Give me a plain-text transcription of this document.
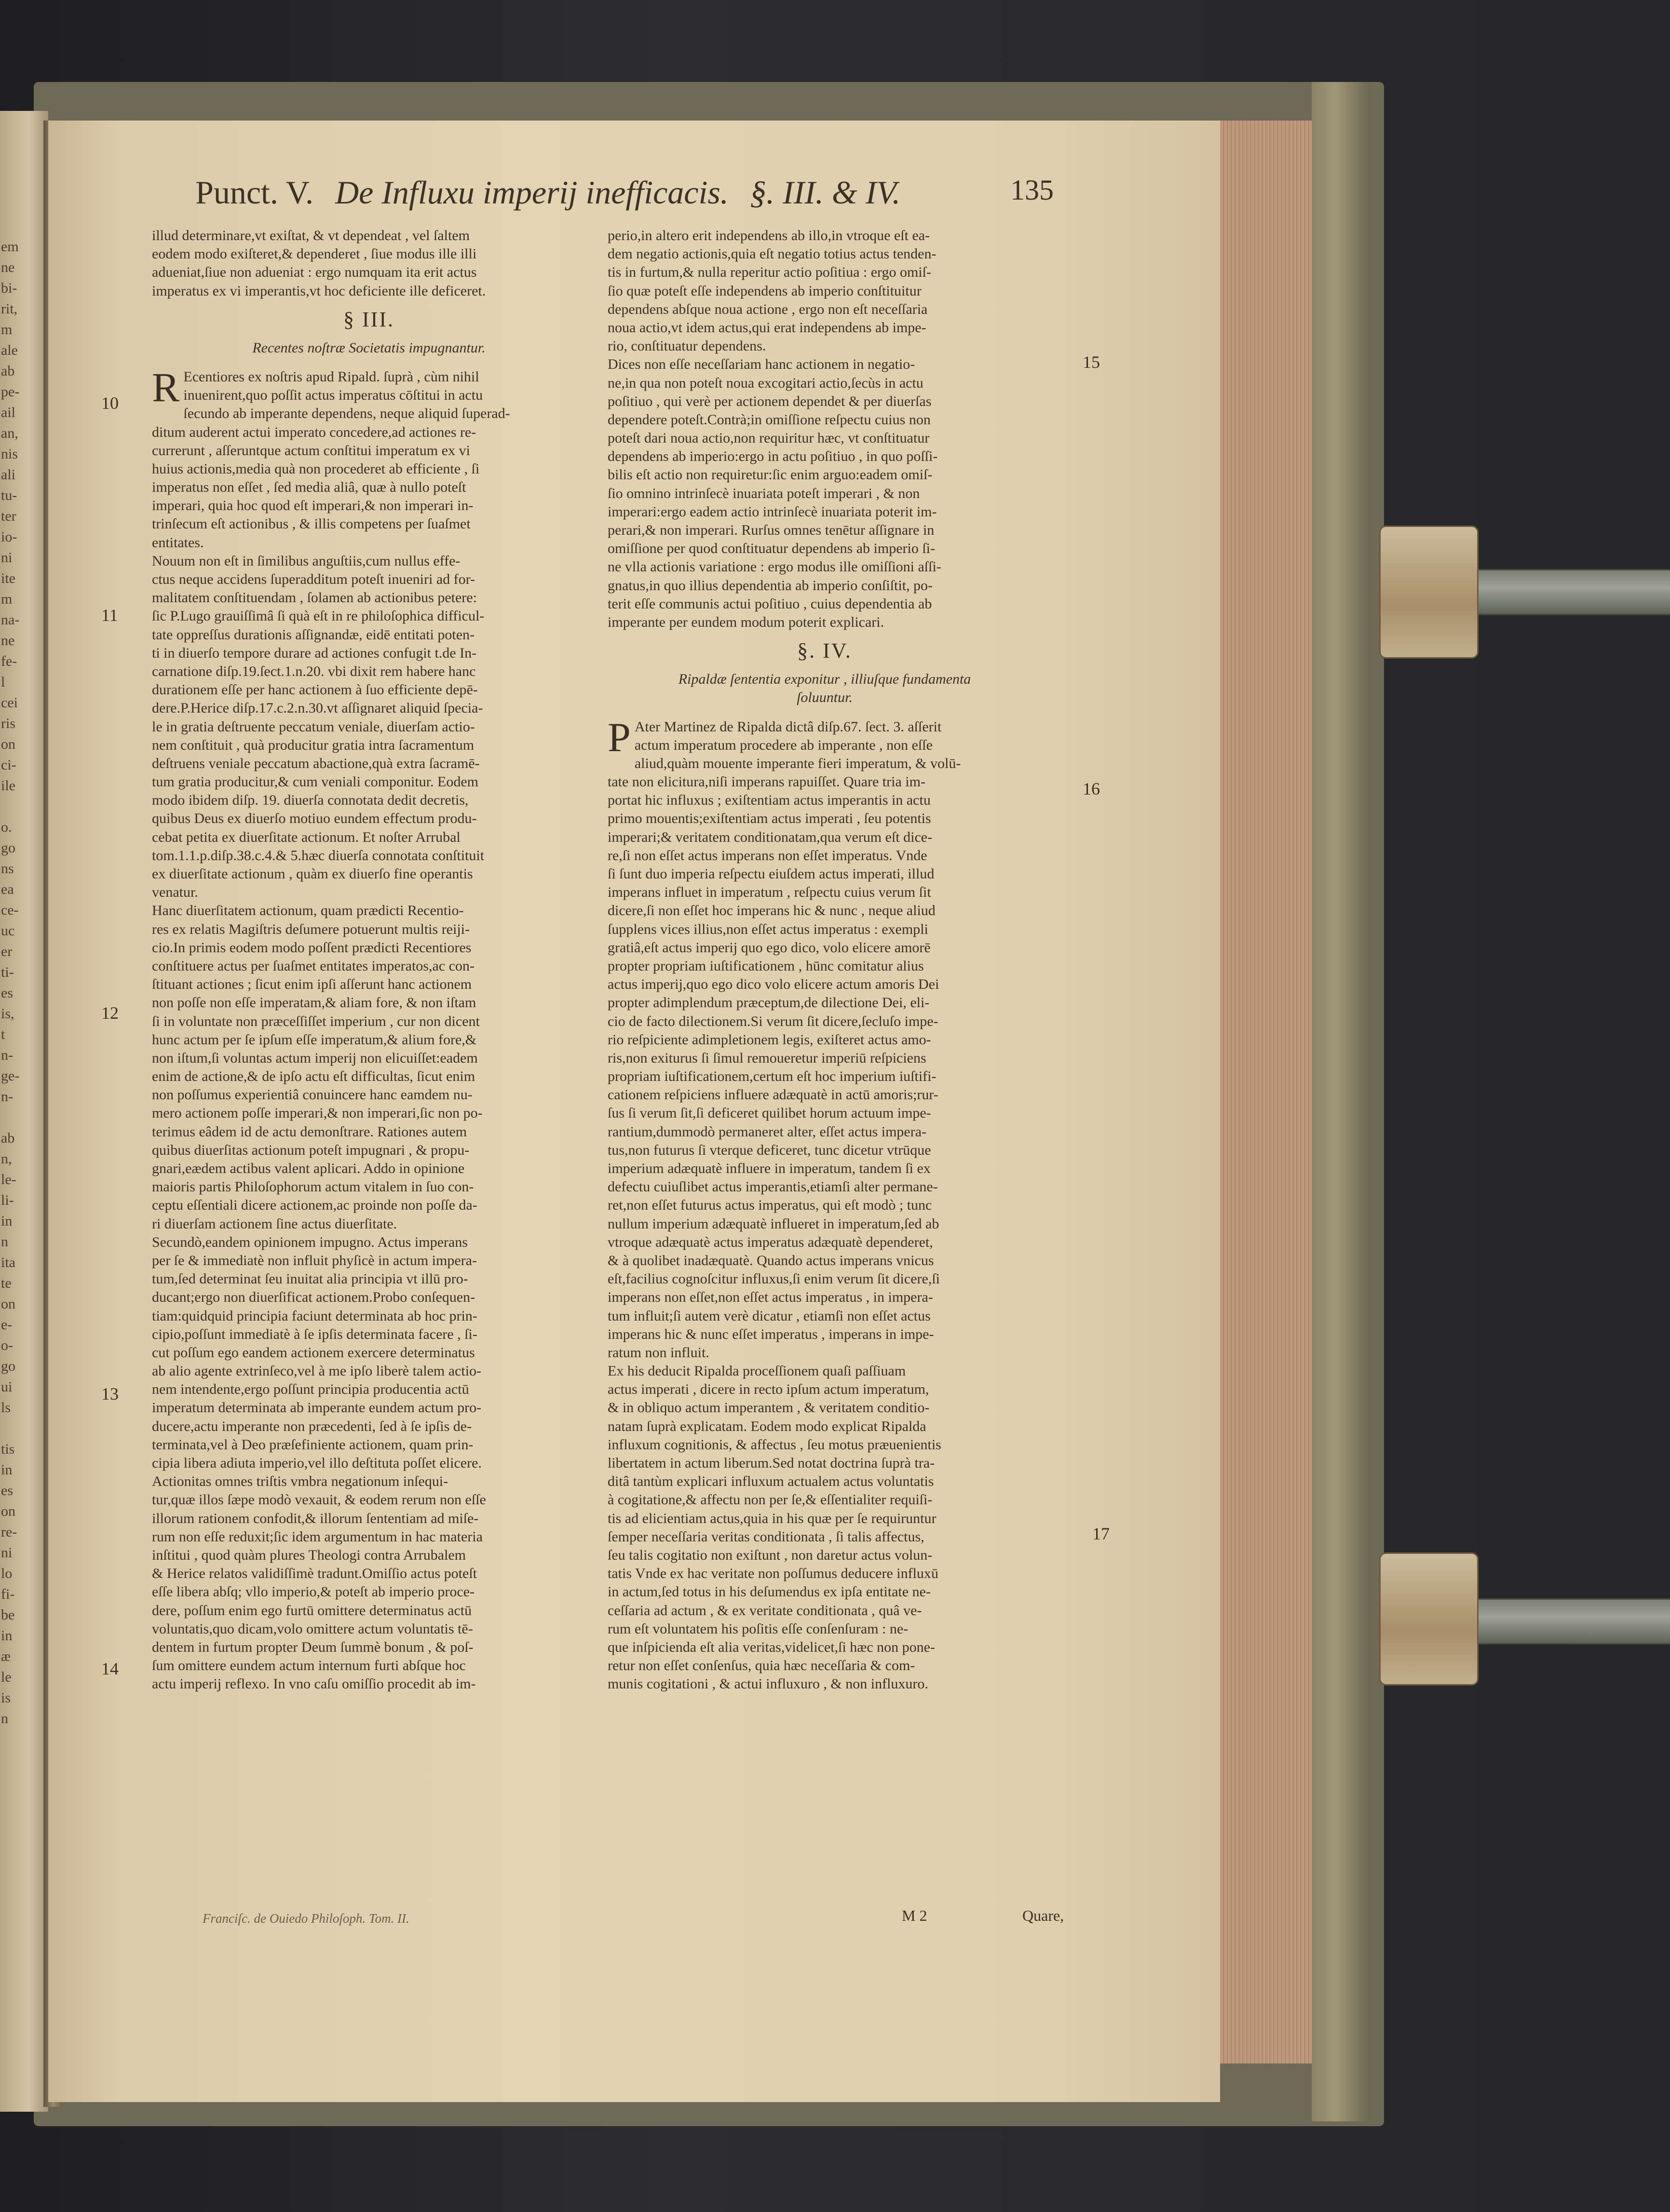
em
ne
bi-
rit,
m
ale
ab
pe-
ail
an,
nis
ali
tu-
ter
io-
ni
ite
m
na-
ne
fe-
l
cei
ris
on
ci-
ile
o.
go
ns
ea
ce-
uc
er
ti-
es
is,
t
n-
ge-
n-
ab
n,
le-
li-
in
n
ita
te
on
e-
o-
go
ui
ls
tis
in
es
on
re-
ni
lo
fi-
be
in
æ
le
is
n
Punct. V. De Influxu imperij inefficacis. §. III. & IV.	135
10
11
12
13
14
15
16
17
illud determinare,vt exiſtat, & vt dependeat , vel ſaltem
eodem modo exiſteret,& dependeret , ſiue modus ille illi
adueniat,ſiue non adueniat : ergo numquam ita erit actus
imperatus ex vi imperantis,vt hoc deficiente ille deficeret.
§ III.
Recentes noſtræ Societatis impugnantur.
R Ecentiores ex noſtris apud Ripald. ſuprà , cùm nihil
inuenirent,quo poſſit actus imperatus cōſtitui in actu
ſecundo ab imperante dependens, neque aliquid ſuperad-
ditum auderent actui imperato concedere,ad actiones re-
currerunt , aſſeruntque actum conſtitui imperatum ex vi
huius actionis,media quà non procederet ab efficiente , ſi
imperatus non eſſet , ſed media aliâ, quæ à nullo poteſt
imperari, quia hoc quod eſt imperari,& non imperari in-
trinſecum eſt actionibus , & illis competens per ſuaſmet
entitates.
Nouum non eſt in ſimilibus anguſtiis,cum nullus effe-
ctus neque accidens ſuperadditum poteſt inueniri ad for-
malitatem conſtituendam , ſolamen ab actionibus petere:
ſic P.Lugo grauiſſimâ ſi quà eſt in re philoſophica difficul-
tate oppreſſus durationis aſſignandæ, eidē entitati poten-
ti in diuerſo tempore durare ad actiones confugit t.de In-
carnatione diſp.19.ſect.1.n.20. vbi dixit rem habere hanc
durationem eſſe per hanc actionem à ſuo efficiente depē-
dere.P.Herice diſp.17.c.2.n.30.vt aſſignaret aliquid ſpecia-
le in gratia deſtruente peccatum veniale, diuerſam actio-
nem conſtituit , quà producitur gratia intra ſacramentum
deſtruens veniale peccatum abactione,quà extra ſacramē-
tum gratia producitur,& cum veniali componitur. Eodem
modo ibidem diſp. 19. diuerſa connotata dedit decretis,
quibus Deus ex diuerſo motiuo eundem effectum produ-
cebat petita ex diuerſitate actionum. Et noſter Arrubal
tom.1.1.p.diſp.38.c.4.& 5.hæc diuerſa connotata conſtituit
ex diuerſitate actionum , quàm ex diuerſo fine operantis
venatur.
Hanc diuerſitatem actionum, quam prædicti Recentio-
res ex relatis Magiſtris deſumere potuerunt multis reiji-
cio.In primis eodem modo poſſent prædicti Recentiores
conſtituere actus per ſuaſmet entitates imperatos,ac con-
ſtituant actiones ; ſicut enim ipſi aſſerunt hanc actionem
non poſſe non eſſe imperatam,& aliam fore, & non iſtam
ſi in voluntate non præceſſiſſet imperium , cur non dicent
hunc actum per ſe ipſum eſſe imperatum,& alium fore,&
non iſtum,ſi voluntas actum imperij non elicuiſſet:eadem
enim de actione,& de ipſo actu eſt difficultas, ſicut enim
non poſſumus experientiâ conuincere hanc eamdem nu-
mero actionem poſſe imperari,& non imperari,ſic non po-
terimus eâdem id de actu demonſtrare. Rationes autem
quibus diuerſitas actionum poteſt impugnari , & propu-
gnari,eædem actibus valent aplicari. Addo in opinione
maioris partis Philoſophorum actum vitalem in ſuo con-
ceptu eſſentiali dicere actionem,ac proinde non poſſe da-
ri diuerſam actionem ſine actus diuerſitate.
Secundò,eandem opinionem impugno. Actus imperans
per ſe & immediatè non influit phyſicè in actum impera-
tum,ſed determinat ſeu inuitat alia principia vt illū pro-
ducant;ergo non diuerſificat actionem.Probo conſequen-
tiam:quidquid principia faciunt determinata ab hoc prin-
cipio,poſſunt immediatè à ſe ipſis determinata facere , ſi-
cut poſſum ego eandem actionem exercere determinatus
ab alio agente extrinſeco,vel à me ipſo liberè talem actio-
nem intendente,ergo poſſunt principia producentia actū
imperatum determinata ab imperante eundem actum pro-
ducere,actu imperante non præcedenti, ſed à ſe ipſis de-
terminata,vel à Deo præſefiniente actionem, quam prin-
cipia libera adiuta imperio,vel illo deſtituta poſſet elicere.
Actionitas omnes triſtis vmbra negationum inſequi-
tur,quæ illos ſæpe modò vexauit, & eodem rerum non eſſe
illorum rationem confodit,& illorum ſententiam ad miſe-
rum non eſſe reduxit;ſic idem argumentum in hac materia
inſtitui , quod quàm plures Theologi contra Arrubalem
& Herice relatos validiſſimè tradunt.Omiſſio actus poteſt
eſſe libera abſq; vllo imperio,& poteſt ab imperio proce-
dere, poſſum enim ego furtū omittere determinatus actū
voluntatis,quo dicam,volo omittere actum voluntatis tē-
dentem in furtum propter Deum ſummè bonum , & poſ-
ſum omittere eundem actum internum furti abſque hoc
actu imperij reflexo. In vno caſu omiſſio procedit ab im-
perio,in altero erit independens ab illo,in vtroque eſt ea-
dem negatio actionis,quia eſt negatio totius actus tenden-
tis in furtum,& nulla reperitur actio poſitiua : ergo omiſ-
ſio quæ poteſt eſſe independens ab imperio conſtituitur
dependens abſque noua actione , ergo non eſt neceſſaria
noua actio,vt idem actus,qui erat independens ab impe-
rio, conſtituatur dependens.
Dices non eſſe neceſſariam hanc actionem in negatio-
ne,in qua non poteſt noua excogitari actio,ſecùs in actu
poſitiuo , qui verè per actionem dependet & per diuerſas
dependere poteſt.Contrà;in omiſſione reſpectu cuius non
poteſt dari noua actio,non requiritur hæc, vt conſtituatur
dependens ab imperio:ergo in actu poſitiuo , in quo poſſi-
bilis eſt actio non requiretur:ſic enim arguo:eadem omiſ-
ſio omnino intrinſecè inuariata poteſt imperari , & non
imperari:ergo eadem actio intrinſecè inuariata poterit im-
perari,& non imperari. Rurſus omnes tenētur aſſignare in
omiſſione per quod conſtituatur dependens ab imperio ſi-
ne vlla actionis variatione : ergo modus ille omiſſioni aſſi-
gnatus,in quo illius dependentia ab imperio conſiſtit, po-
terit eſſe communis actui poſitiuo , cuius dependentia ab
imperante per eundem modum poterit explicari.
§. IV.
Ripaldæ ſententia exponitur , illiuſque fundamenta
ſoluuntur.
P Ater Martinez de Ripalda dictâ diſp.67. ſect. 3. aſſerit
actum imperatum procedere ab imperante , non eſſe
aliud,quàm mouente imperante fieri imperatum, & volū-
tate non elicitura,niſi imperans rapuiſſet. Quare tria im-
portat hic influxus ; exiſtentiam actus imperantis in actu
primo mouentis;exiſtentiam actus imperati , ſeu potentis
imperari;& veritatem conditionatam,qua verum eſt dice-
re,ſi non eſſet actus imperans non eſſet imperatus. Vnde
ſi ſunt duo imperia reſpectu eiuſdem actus imperati, illud
imperans influet in imperatum , reſpectu cuius verum ſit
dicere,ſi non eſſet hoc imperans hic & nunc , neque aliud
ſupplens vices illius,non eſſet actus imperatus : exempli
gratiâ,eſt actus imperij quo ego dico, volo elicere amorē
propter propriam iuſtificationem , hūnc comitatur alius
actus imperij,quo ego dico volo elicere actum amoris Dei
propter adimplendum præceptum,de dilectione Dei, eli-
cio de facto dilectionem.Si verum ſit dicere,ſecluſo impe-
rio reſpiciente adimpletionem legis, exiſteret actus amo-
ris,non exiturus ſi ſimul remoueretur imperiū reſpiciens
propriam iuſtificationem,certum eſt hoc imperium iuſtifi-
cationem reſpiciens influere adæquatè in actū amoris;rur-
ſus ſi verum ſit,ſi deficeret quilibet horum actuum impe-
rantium,dummodò permaneret alter, eſſet actus impera-
tus,non futurus ſi vterque deficeret, tunc dicetur vtrūque
imperium adæquatè influere in imperatum, tandem ſi ex
defectu cuiuſlibet actus imperantis,etiamſi alter permane-
ret,non eſſet futurus actus imperatus, qui eſt modò ; tunc
nullum imperium adæquatè influeret in imperatum,ſed ab
vtroque adæquatè actus imperatus adæquatè dependeret,
& à quolibet inadæquatè. Quando actus imperans vnicus
eſt,facilius cognoſcitur influxus,ſi enim verum ſit dicere,ſi
imperans non eſſet,non eſſet actus imperatus , in impera-
tum influit;ſi autem verè dicatur , etiamſi non eſſet actus
imperans hic & nunc eſſet imperatus , imperans in impe-
ratum non influit.
Ex his deducit Ripalda proceſſionem quaſi paſſiuam
actus imperati , dicere in recto ipſum actum imperatum,
& in obliquo actum imperantem , & veritatem conditio-
natam ſuprà explicatam. Eodem modo explicat Ripalda
influxum cognitionis, & affectus , ſeu motus præuenientis
libertatem in actum liberum.Sed notat doctrina ſuprà tra-
ditâ tantùm explicari influxum actualem actus voluntatis
à cogitatione,& affectu non per ſe,& eſſentialiter requiſi-
tis ad elicientiam actus,quia in his quæ per ſe requiruntur
ſemper neceſſaria veritas conditionata , ſi talis affectus,
ſeu talis cogitatio non exiſtunt , non daretur actus volun-
tatis Vnde ex hac veritate non poſſumus deducere influxū
in actum,ſed totus in his deſumendus ex ipſa entitate ne-
ceſſaria ad actum , & ex veritate conditionata , quâ ve-
rum eſt voluntatem his poſitis eſſe conſenſuram : ne-
que inſpicienda eſt alia veritas,videlicet,ſi hæc non pone-
retur non eſſet conſenſus, quia hæc neceſſaria & com-
munis cogitationi , & actui influxuro , & non influxuro.
Franciſc. de Ouiedo Philoſoph. Tom. II.	M 2	Quare,
